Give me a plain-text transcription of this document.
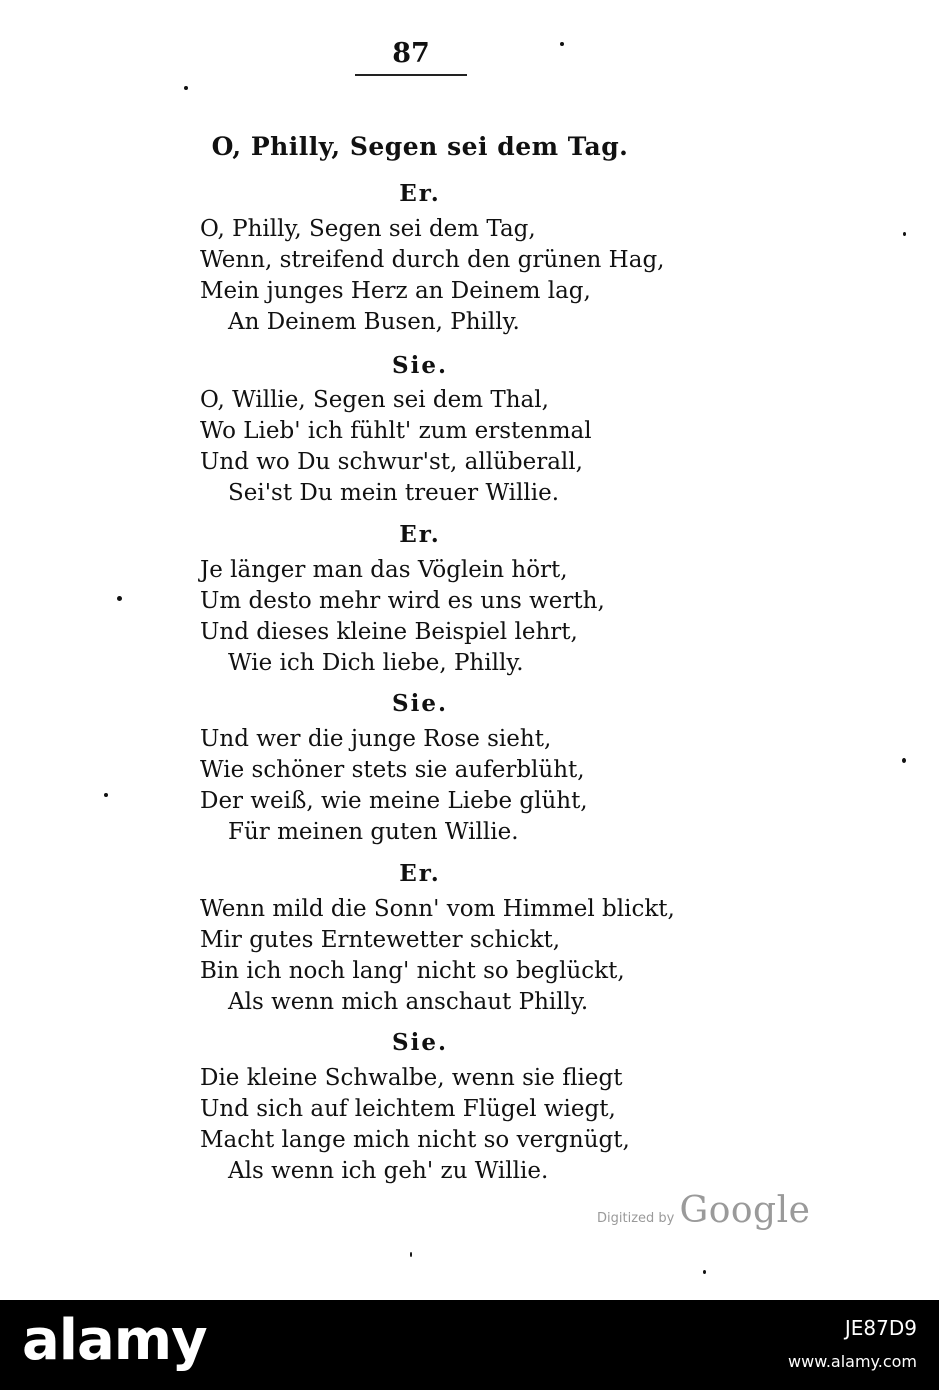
87
O, Philly, Segen sei dem Tag.
Er.
O, Philly, Segen sei dem Tag,
Wenn, streifend durch den grünen Hag,
Mein junges Herz an Deinem lag,
An Deinem Busen, Philly.
Sie.
O, Willie, Segen sei dem Thal,
Wo Lieb' ich fühlt' zum erstenmal
Und wo Du schwur'st, allüberall,
Sei'st Du mein treuer Willie.
Er.
Je länger man das Vöglein hört,
Um desto mehr wird es uns werth,
Und dieses kleine Beispiel lehrt,
Wie ich Dich liebe, Philly.
Sie.
Und wer die junge Rose sieht,
Wie schöner stets sie auferblüht,
Der weiß, wie meine Liebe glüht,
Für meinen guten Willie.
Er.
Wenn mild die Sonn' vom Himmel blickt,
Mir gutes Erntewetter schickt,
Bin ich noch lang' nicht so beglückt,
Als wenn mich anschaut Philly.
Sie.
Die kleine Schwalbe, wenn sie fliegt
Und sich auf leichtem Flügel wiegt,
Macht lange mich nicht so vergnügt,
Als wenn ich geh' zu Willie.
Digitized by Google
alamy	JE87D9
www.alamy.com
